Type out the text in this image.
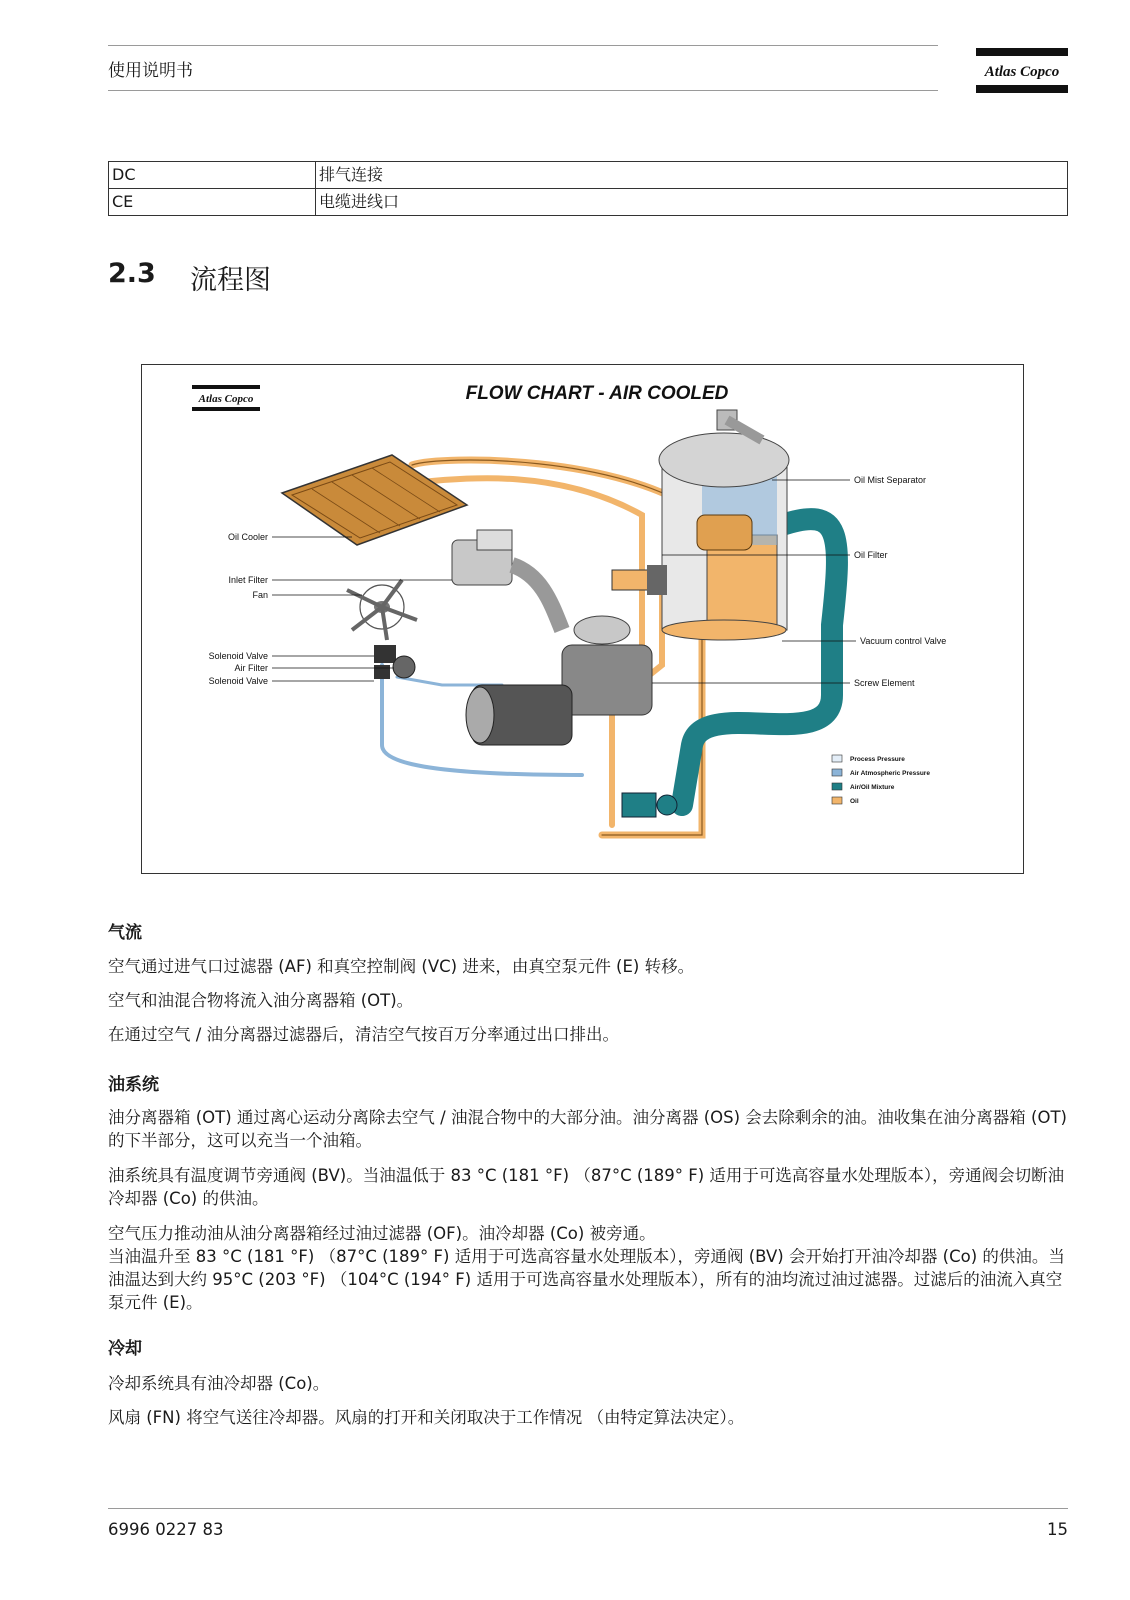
使用说明书	Atlas Copco
DC	排气连接
CE	电缆进线口
2.3 流程图
Atlas Copco	FLOW CHART - AIR COOLED
Oil Cooler
Inlet Filter
Fan
Solenoid Valve
Air Filter
Solenoid Valve
Oil Mist Separator
Oil Filter
Vacuum control Valve
Screw Element
Process Pressure
Air Atmospheric Pressure
Air/Oil Mixture
Oil
气流
空气通过进气口过滤器 (AF) 和真空控制阀 (VC) 进来，由真空泵元件 (E) 转移。
空气和油混合物将流入油分离器箱 (OT)。
在通过空气 / 油分离器过滤器后，清洁空气按百万分率通过出口排出。
油系统
油分离器箱 (OT) 通过离心运动分离除去空气 / 油混合物中的大部分油。油分离器 (OS) 会去除剩余的油。油收集在油分离器箱 (OT) 的下半部分，这可以充当一个油箱。
油系统具有温度调节旁通阀 (BV)。当油温低于 83 °C (181 °F) （87°C (189° F) 适用于可选高容量水处理版本），旁通阀会切断油冷却器 (Co) 的供油。
空气压力推动油从油分离器箱经过油过滤器 (OF)。油冷却器 (Co) 被旁通。
当油温升至 83 °C (181 °F) （87°C (189° F) 适用于可选高容量水处理版本），旁通阀 (BV) 会开始打开油冷却器 (Co) 的供油。当油温达到大约 95°C (203 °F) （104°C (194° F) 适用于可选高容量水处理版本），所有的油均流过油过滤器。过滤后的油流入真空泵元件 (E)。
冷却
冷却系统具有油冷却器 (Co)。
风扇 (FN) 将空气送往冷却器。风扇的打开和关闭取决于工作情况 （由特定算法决定）。
6996 0227 83	15
